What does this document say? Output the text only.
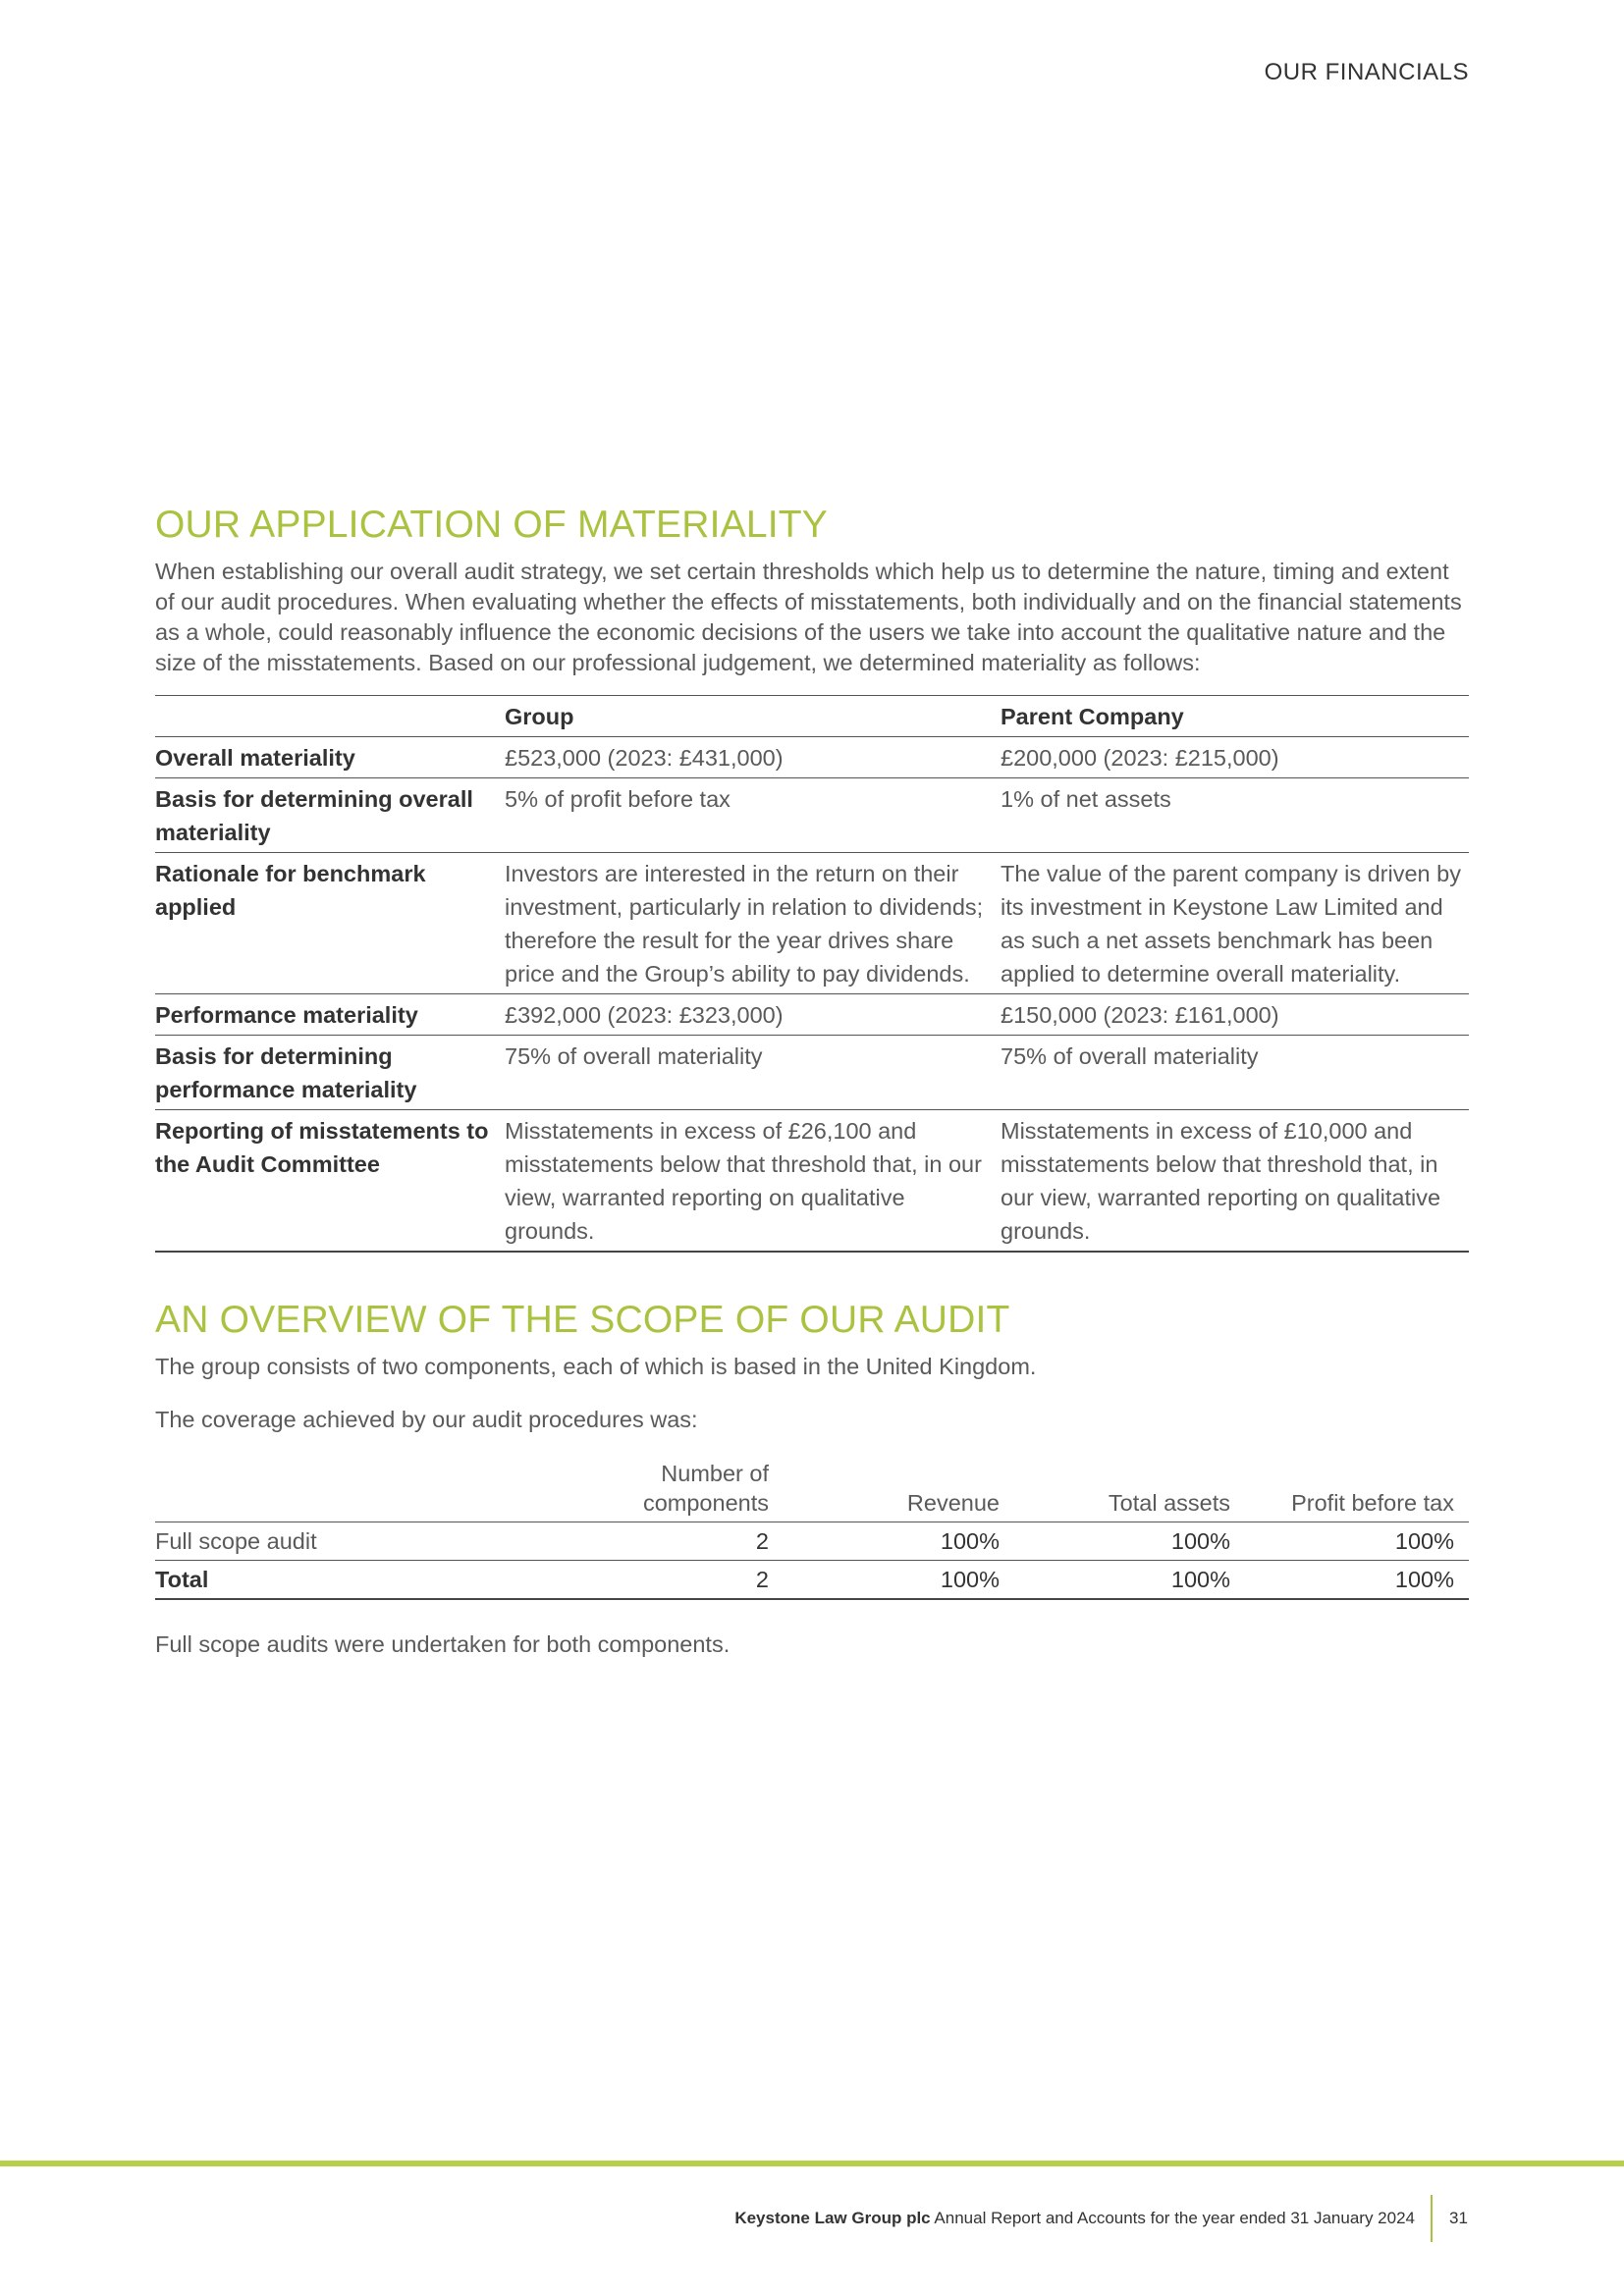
OUR FINANCIALS
OUR APPLICATION OF MATERIALITY

When establishing our overall audit strategy, we set certain thresholds which help us to determine the nature, timing and extent of our audit procedures. When evaluating whether the effects of misstatements, both individually and on the financial statements as a whole, could reasonably influence the economic decisions of the users we take into account the qualitative nature and the size of the misstatements. Based on our professional judgement, we determined materiality as follows:

	Group	Parent Company
Overall materiality	£523,000 (2023: £431,000)	£200,000 (2023: £215,000)
Basis for determining overall materiality	5% of profit before tax	1% of net assets
Rationale for benchmark applied	Investors are interested in the return on their investment, particularly in relation to dividends; therefore the result for the year drives share price and the Group’s ability to pay dividends.	The value of the parent company is driven by its investment in Keystone Law Limited and as such a net assets benchmark has been applied to determine overall materiality.
Performance materiality	£392,000 (2023: £323,000)	£150,000 (2023: £161,000)
Basis for determining performance materiality	75% of overall materiality	75% of overall materiality
Reporting of misstatements to the Audit Committee	Misstatements in excess of £26,100 and misstatements below that threshold that, in our view, warranted reporting on qualitative grounds.	Misstatements in excess of £10,000 and misstatements below that threshold that, in our view, warranted reporting on qualitative grounds.
AN OVERVIEW OF THE SCOPE OF OUR AUDIT

The group consists of two components, each of which is based in the United Kingdom.

The coverage achieved by our audit procedures was:

	Number of components	Revenue	Total assets	Profit before tax
Full scope audit	2	100%	100%	100%
Total	2	100%	100%	100%

Full scope audits were undertaken for both components.

Keystone Law Group plc Annual Report and Accounts for the year ended 31 January 2024 31
